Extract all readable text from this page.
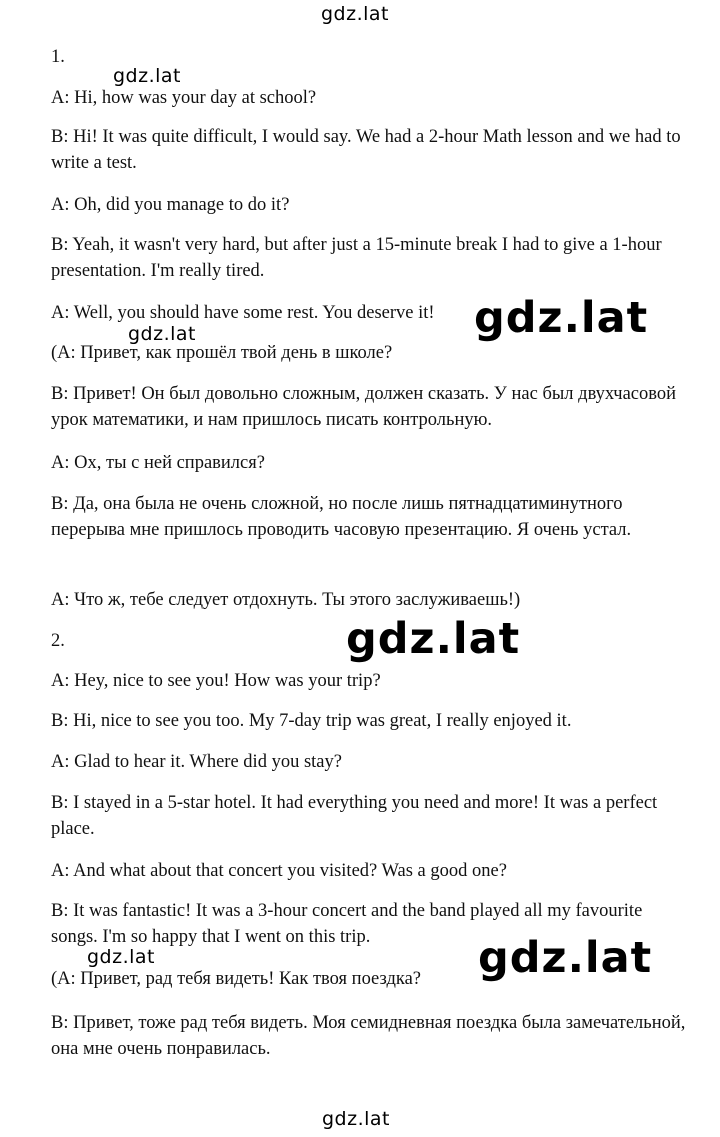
1.

A: Hi, how was your day at school?

B: Hi! It was quite difficult, I would say. We had a 2-hour Math lesson and we had to write a test.

A: Oh, did you manage to do it?

B: Yeah, it wasn't very hard, but after just a 15-minute break I had to give a 1-hour presentation. I'm really tired.

A: Well, you should have some rest. You deserve it!

(А: Привет, как прошёл твой день в школе?

В: Привет! Он был довольно сложным, должен сказать. У нас был двухчасовой урок математики, и нам пришлось писать контрольную.

А: Ох, ты с ней справился?

В: Да, она была не очень сложной, но после лишь пятнадцатиминутного перерыва мне пришлось проводить часовую презентацию. Я очень устал.

А: Что ж, тебе следует отдохнуть. Ты этого заслуживаешь!)

2.

A: Hey, nice to see you! How was your trip?

B: Hi, nice to see you too. My 7-day trip was great, I really enjoyed it.

A: Glad to hear it. Where did you stay?

B: I stayed in a 5-star hotel. It had everything you need and more! It was a perfect place.

A: And what about that concert you visited? Was a good one?

B: It was fantastic! It was a 3-hour concert and the band played all my favourite songs. I'm so happy that I went on this trip.

(А: Привет, рад тебя видеть! Как твоя поездка?

В: Привет, тоже рад тебя видеть. Моя семидневная поездка была замечательной, она мне очень понравилась.

gdz.lat
gdz.lat
gdz.lat	gdz.lat
gdz.lat
gdz.lat	gdz.lat
gdz.lat
